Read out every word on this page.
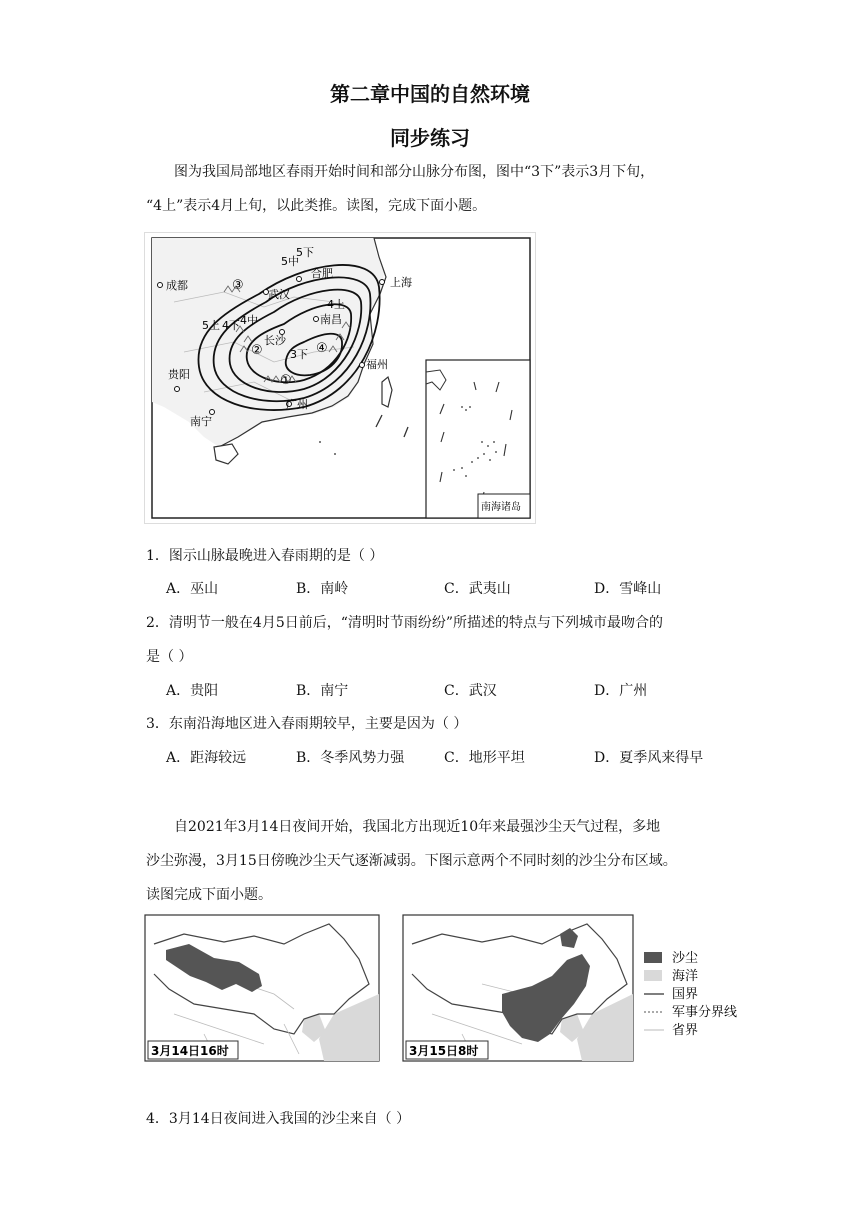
第二章中国的自然环境
同步练习
图为我国局部地区春雨开始时间和部分山脉分布图，图中“3下”表示3月下旬，
“4上”表示4月上旬，以此类推。读图，完成下面小题。
成都
合肥
上海
武汉
南昌
长沙
贵阳
福州
广州
南宁
5下
5中
5上 4下 4中
4上
3下
①
②
③
④
南海诸岛
1．图示山脉最晚进入春雨期的是（ ）
A．巫山	B．南岭	C．武夷山	D．雪峰山
2．清明节一般在4月5日前后，“清明时节雨纷纷”所描述的特点与下列城市最吻合的
是（ ）
A．贵阳	B．南宁	C．武汉	D．广州
3．东南沿海地区进入春雨期较早，主要是因为（ ）
A．距海较远	B．冬季风势力强	C．地形平坦	D．夏季风来得早
自2021年3月14日夜间开始，我国北方出现近10年来最强沙尘天气过程，多地
沙尘弥漫，3月15日傍晚沙尘天气逐渐减弱。下图示意两个不同时刻的沙尘分布区域。
读图完成下面小题。
3月14日16时	3月15日8时
沙尘
海洋
国界
军事分界线
省界
4．3月14日夜间进入我国的沙尘来自（ ）
